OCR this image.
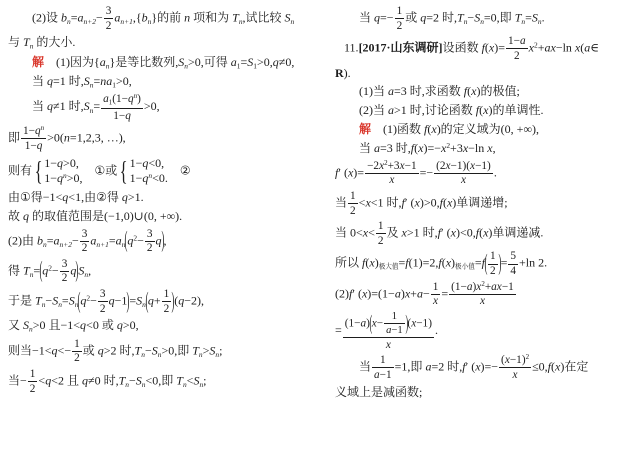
(2)设 $b_n=a_{n+2}- \frac{3}{2} a_{n+1},\{b_n\}$的前 n 项和为 $T_n$,试比较 $S_n$
与 $T_n$ 的大小.
解　(1)因为$\{a_n\}$是等比数列$,S_n>0$,可得 $a_1=S_1>0,q\ne 0$,
当 q=1 时$,S_n=na_1>0$,
当 q≠1 时$,S_n= \frac{a_1(1-q^n)}{1-q} >0$,
即 $\frac{1-q^n}{1-q} >0(n=1,2,3$, …),
则有 { 1−q>0,
$1-q^n>0$,
　①或 { 1−q<0,
$1-q^n<0$.
　②
由①得−1<q<1,由②得 q>1.
故 q 的取值范围是(−1,0)∪(0, +∞).
(2)由 $b_n=a_{n+2}- \frac{3}{2} a_{n+1}=a_n(q^2- \frac{3}{2} q)$,
得 $T_n=(q^2- \frac{3}{2} q)S_n$,
于是 $T_n-S_n=S_n(q^2- \frac{3}{2} q-1)=S_n(q+ \frac{1}{2} )(q-2)$,
又 $S_n>0$ 且−1<q<0 或 q>0,
则当$-1<q<- \frac{1}{2}$ 或 q>2 时$,T_n-S_n>0$,即 $T_n>S_n$;
当− $\frac{1}{2} <q<2$ 且 q≠0 时$,T_n-S_n<0$,即 $T_n<S_n$;
当 $q=- \frac{1}{2}$ 或 q=2 时$,T_n-S_n=0$,即 $T_n=S_n$.
11.[2017·山东调研]设函数 $f(x)= \frac{1-a}{2} x^2+ax-\ln$ x(a∈
R).
(1)当 a=3 时,求函数 f(x)的极值;
(2)当 a>1 时,讨论函数 f(x)的单调性.
解　(1)函数 f(x)的定义域为(0, +∞),
当 a=3 时$,f(x)=-x^2+3x-\ln$ x,
f′ $(x)= \frac{-2x^2+3x-1}{x} =- \frac{(2x-1)(x-1)}{x}$ .
当 $\frac{1}{2} <x<1$ 时,f′ (x)>0,f(x)单调递增;
当 $0<x< \frac{1}{2}$ 及 x>1 时,f′ (x)<0,f(x)单调递减.
所以 $f(x)_{极大值}=f(1)=2,f(x)_{极小值}=f( \frac{1}{2}$ )= $\frac{5}{4} +\ln$ 2.
(2)f′ $(x)=(1-a)x+a- \frac{1}{x} = \frac{(1-a)x^2+ax-1}{x}$
= $\frac{(1-a)(x- \frac{1}{a-1} )(x-1)}{x}$ .
当 $\frac{1}{a-1} =1$,即 a=2 时,f′ $(x)=- \frac{(x-1)^2}{x} \le 0,f(x)$在定
义域上是减函数;
